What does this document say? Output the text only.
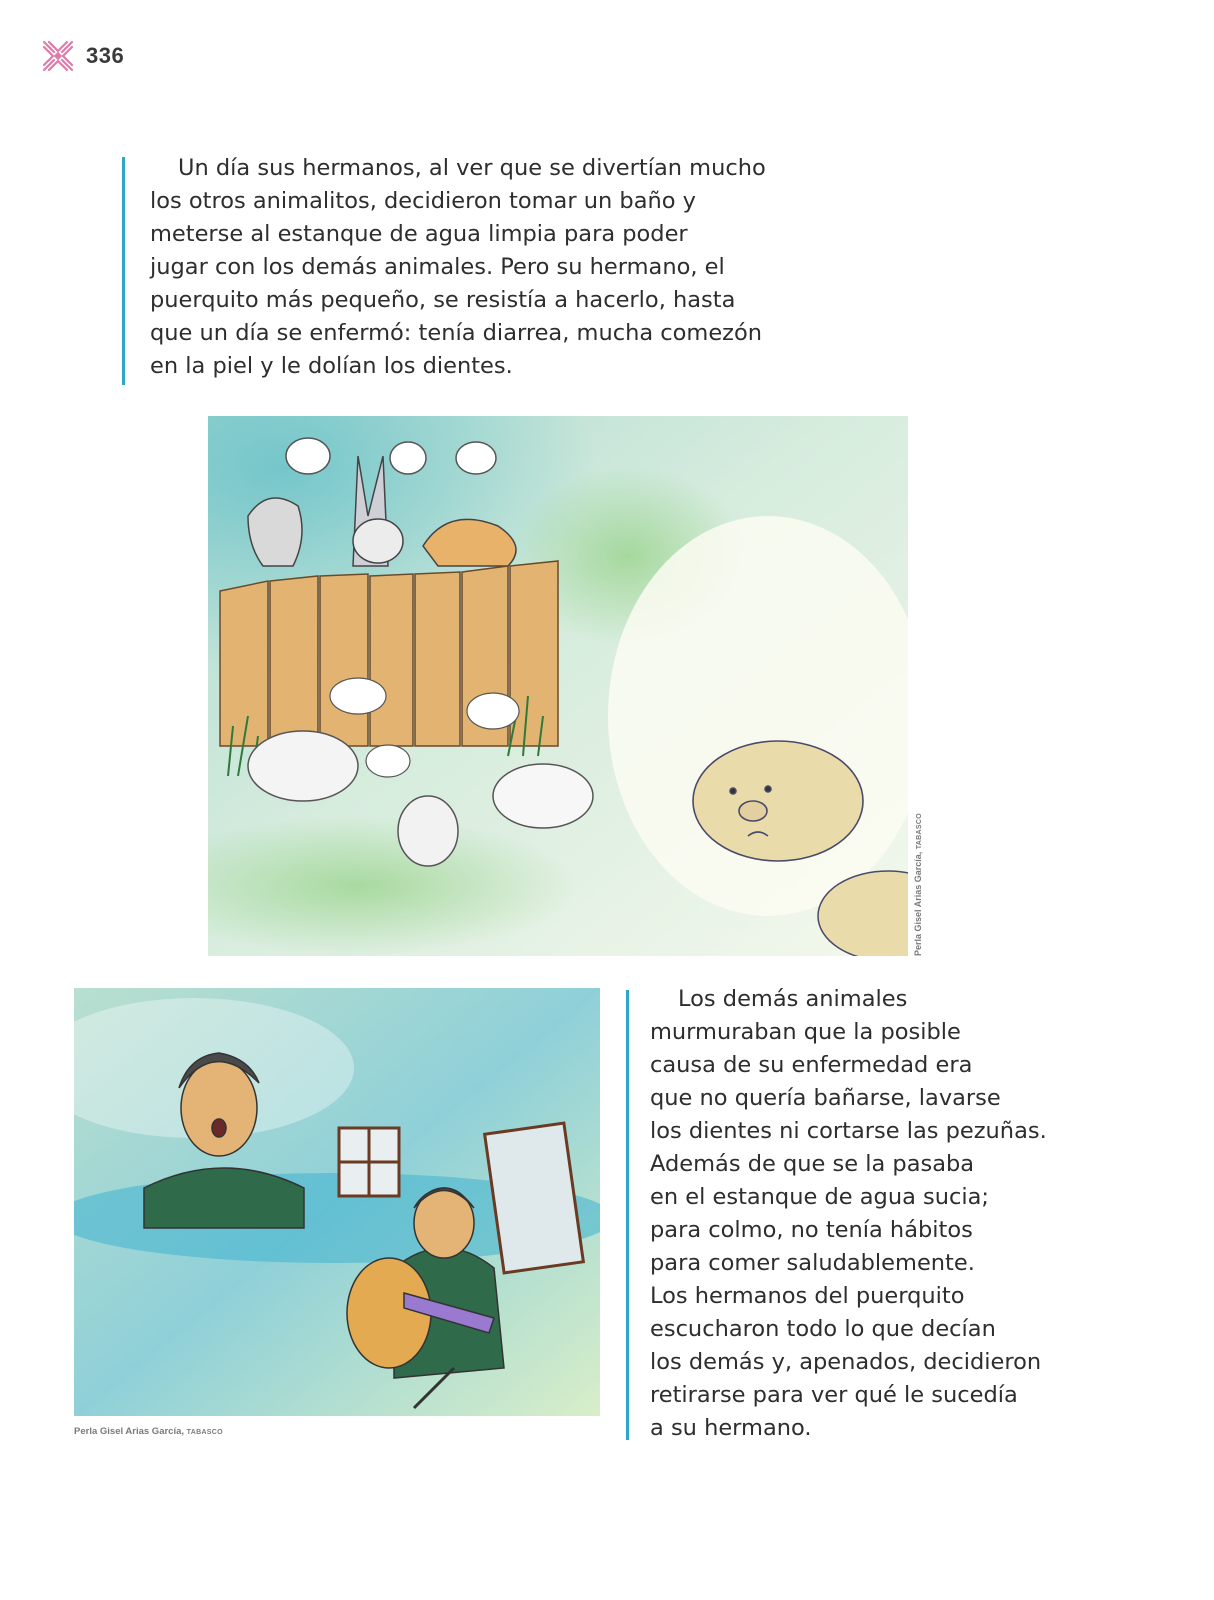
336
Un día sus hermanos, al ver que se divertían mucho
los otros animalitos, decidieron tomar un baño y
meterse al estanque de agua limpia para poder
jugar con los demás animales. Pero su hermano, el
puerquito más pequeño, se resistía a hacerlo, hasta
que un día se enfermó: tenía diarrea, mucha comezón
en la piel y le dolían los dientes.
Perla Gisel Arias García, TABASCO
Perla Gisel Arias García, TABASCO
Los demás animales
murmuraban que la posible
causa de su enfermedad era
que no quería bañarse, lavarse
los dientes ni cortarse las pezuñas.
Además de que se la pasaba
en el estanque de agua sucia;
para colmo, no tenía hábitos
para comer saludablemente.
Los hermanos del puerquito
escucharon todo lo que decían
los demás y, apenados, decidieron
retirarse para ver qué le sucedía
a su hermano.
